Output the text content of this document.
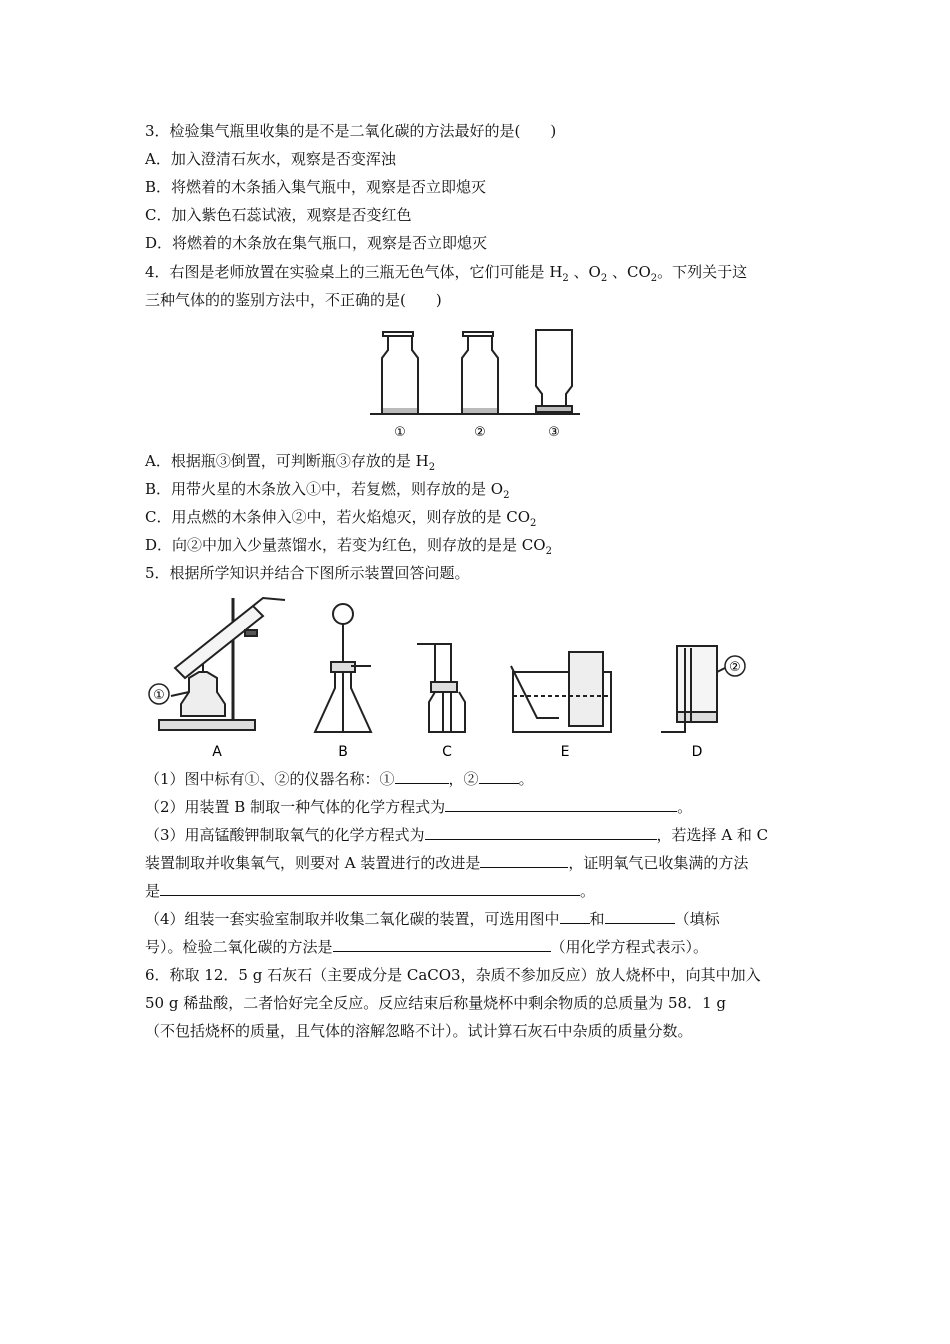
3．检验集气瓶里收集的是不是二氧化碳的方法最好的是(　　)
A．加入澄清石灰水，观察是否变浑浊
B．将燃着的木条插入集气瓶中，观察是否立即熄灭
C．加入紫色石蕊试液，观察是否变红色
D．将燃着的木条放在集气瓶口，观察是否立即熄灭
4．右图是老师放置在实验桌上的三瓶无色气体，它们可能是 $H_2$ 、$O_2$ 、$CO_2$。下列关于这
三种气体的的鉴别方法中，不正确的是(　　)
①	②	③
A．根据瓶③倒置，可判断瓶③存放的是 $H_2$
B．用带火星的木条放入①中，若复燃，则存放的是 $O_2$
C．用点燃的木条伸入②中，若火焰熄灭，则存放的是 $CO_2$
D．向②中加入少量蒸馏水，若变为红色，则存放的是是 $CO_2$
5．根据所学知识并结合下图所示装置回答问题。
①
②
A	B	C	E	D
（1）图中标有①、②的仪器名称：①	，②	。
（2）用装置 B 制取一种气体的化学方程式为	。
（3）用高锰酸钾制取氧气的化学方程式为	，若选择 A 和 C
装置制取并收集氧气，则要对 A 装置进行的改进是	，证明氧气已收集满的方法
是	。
（4）组装一套实验室制取并收集二氧化碳的装置，可选用图中 和	（填标
号）。检验二氧化碳的方法是	（用化学方程式表示）。
6．称取 12．5 g 石灰石（主要成分是 CaCO3，杂质不参加反应）放人烧杯中，向其中加入
50 g 稀盐酸，二者恰好完全反应。反应结束后称量烧杯中剩余物质的总质量为 58．1 g
（不包括烧杯的质量，且气体的溶解忽略不计）。试计算石灰石中杂质的质量分数。
